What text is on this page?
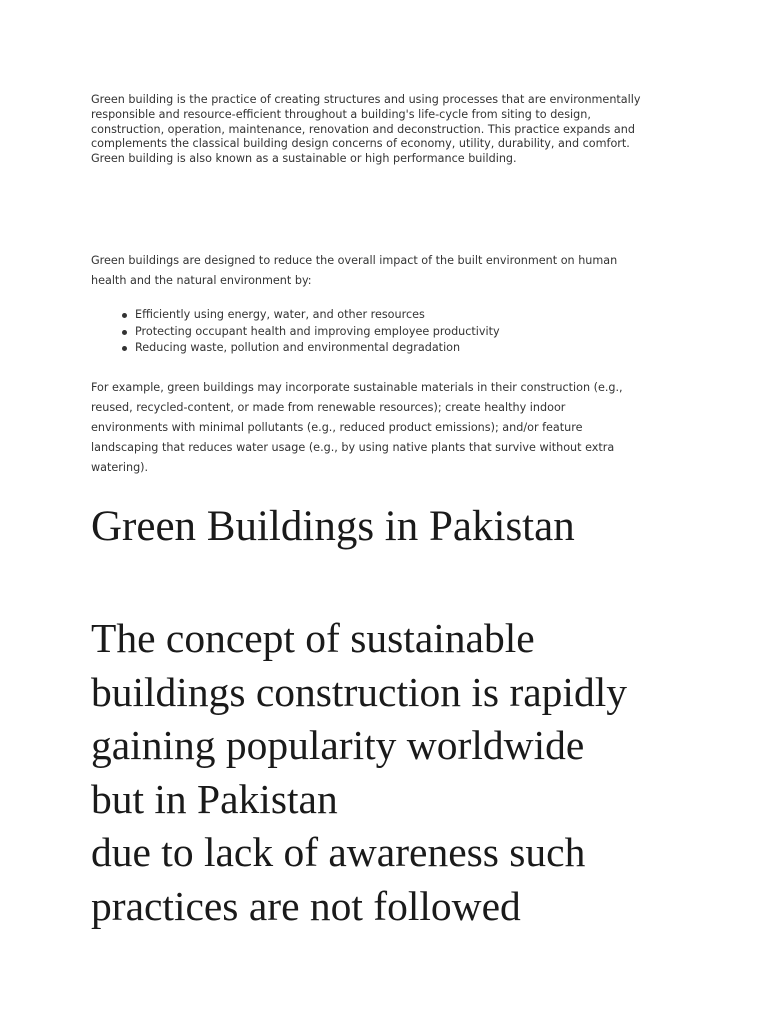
Green building is the practice of creating structures and using processes that are environmentally
responsible and resource-efficient throughout a building's life-cycle from siting to design,
construction, operation, maintenance, renovation and deconstruction. This practice expands and
complements the classical building design concerns of economy, utility, durability, and comfort.
Green building is also known as a sustainable or high performance building.
Green buildings are designed to reduce the overall impact of the built environment on human
health and the natural environment by:
Efficiently using energy, water, and other resources
Protecting occupant health and improving employee productivity
Reducing waste, pollution and environmental degradation
For example, green buildings may incorporate sustainable materials in their construction (e.g.,
reused, recycled-content, or made from renewable resources); create healthy indoor
environments with minimal pollutants (e.g., reduced product emissions); and/or feature
landscaping that reduces water usage (e.g., by using native plants that survive without extra
watering).
Green Buildings in Pakistan
The concept of sustainable
buildings construction is rapidly
gaining popularity worldwide
but in Pakistan
due to lack of awareness such
practices are not followed
